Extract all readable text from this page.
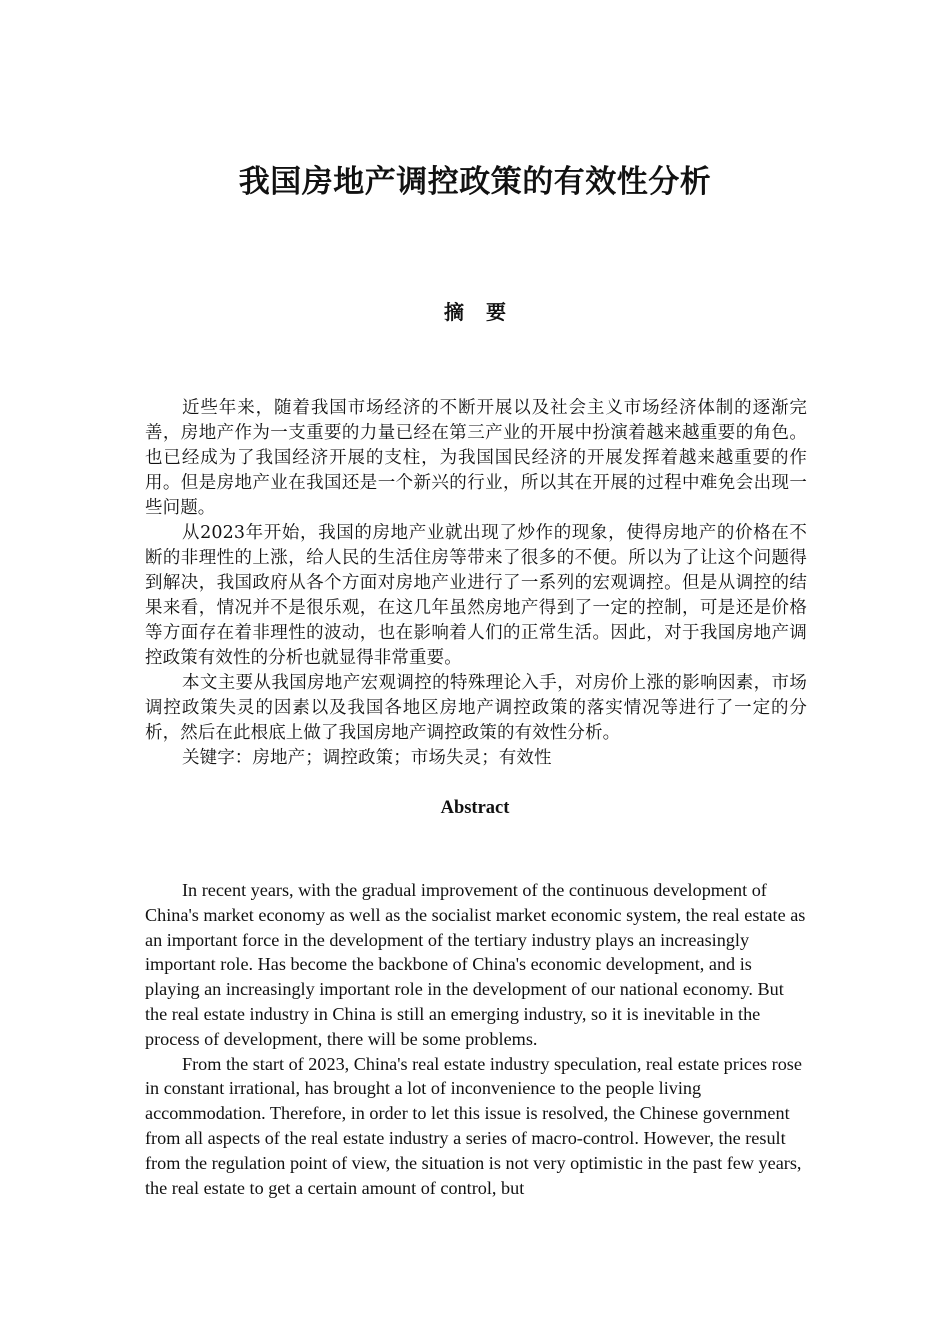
我国房地产调控政策的有效性分析
摘要

近些年来，随着我国市场经济的不断开展以及社会主义市场经济体制的逐渐完善，房地产作为一支重要的力量已经在第三产业的开展中扮演着越来越重要的角色。也已经成为了我国经济开展的支柱，为我国国民经济的开展发挥着越来越重要的作用。但是房地产业在我国还是一个新兴的行业，所以其在开展的过程中难免会出现一些问题。

从2023年开始，我国的房地产业就出现了炒作的现象，使得房地产的价格在不断的非理性的上涨，给人民的生活住房等带来了很多的不便。所以为了让这个问题得到解决，我国政府从各个方面对房地产业进行了一系列的宏观调控。但是从调控的结果来看，情况并不是很乐观，在这几年虽然房地产得到了一定的控制，可是还是价格等方面存在着非理性的波动，也在影响着人们的正常生活。因此，对于我国房地产调控政策有效性的分析也就显得非常重要。

本文主要从我国房地产宏观调控的特殊理论入手，对房价上涨的影响因素，市场调控政策失灵的因素以及我国各地区房地产调控政策的落实情况等进行了一定的分析，然后在此根底上做了我国房地产调控政策的有效性分析。

关键字：房地产；调控政策；市场失灵；有效性

Abstract

In recent years, with the gradual improvement of the continuous development of China's market economy as well as the socialist market economic system, the real estate as an important force in the development of the tertiary industry plays an increasingly important role. Has become the backbone of China's economic development, and is playing an increasingly important role in the development of our national economy. But the real estate industry in China is still an emerging industry, so it is inevitable in the process of development, there will be some problems.

From the start of 2023, China's real estate industry speculation, real estate prices rose in constant irrational, has brought a lot of inconvenience to the people living accommodation. Therefore, in order to let this issue is resolved, the Chinese government from all aspects of the real estate industry a series of macro-control. However, the result from the regulation point of view, the situation is not very optimistic in the past few years, the real estate to get a certain amount of control, but
